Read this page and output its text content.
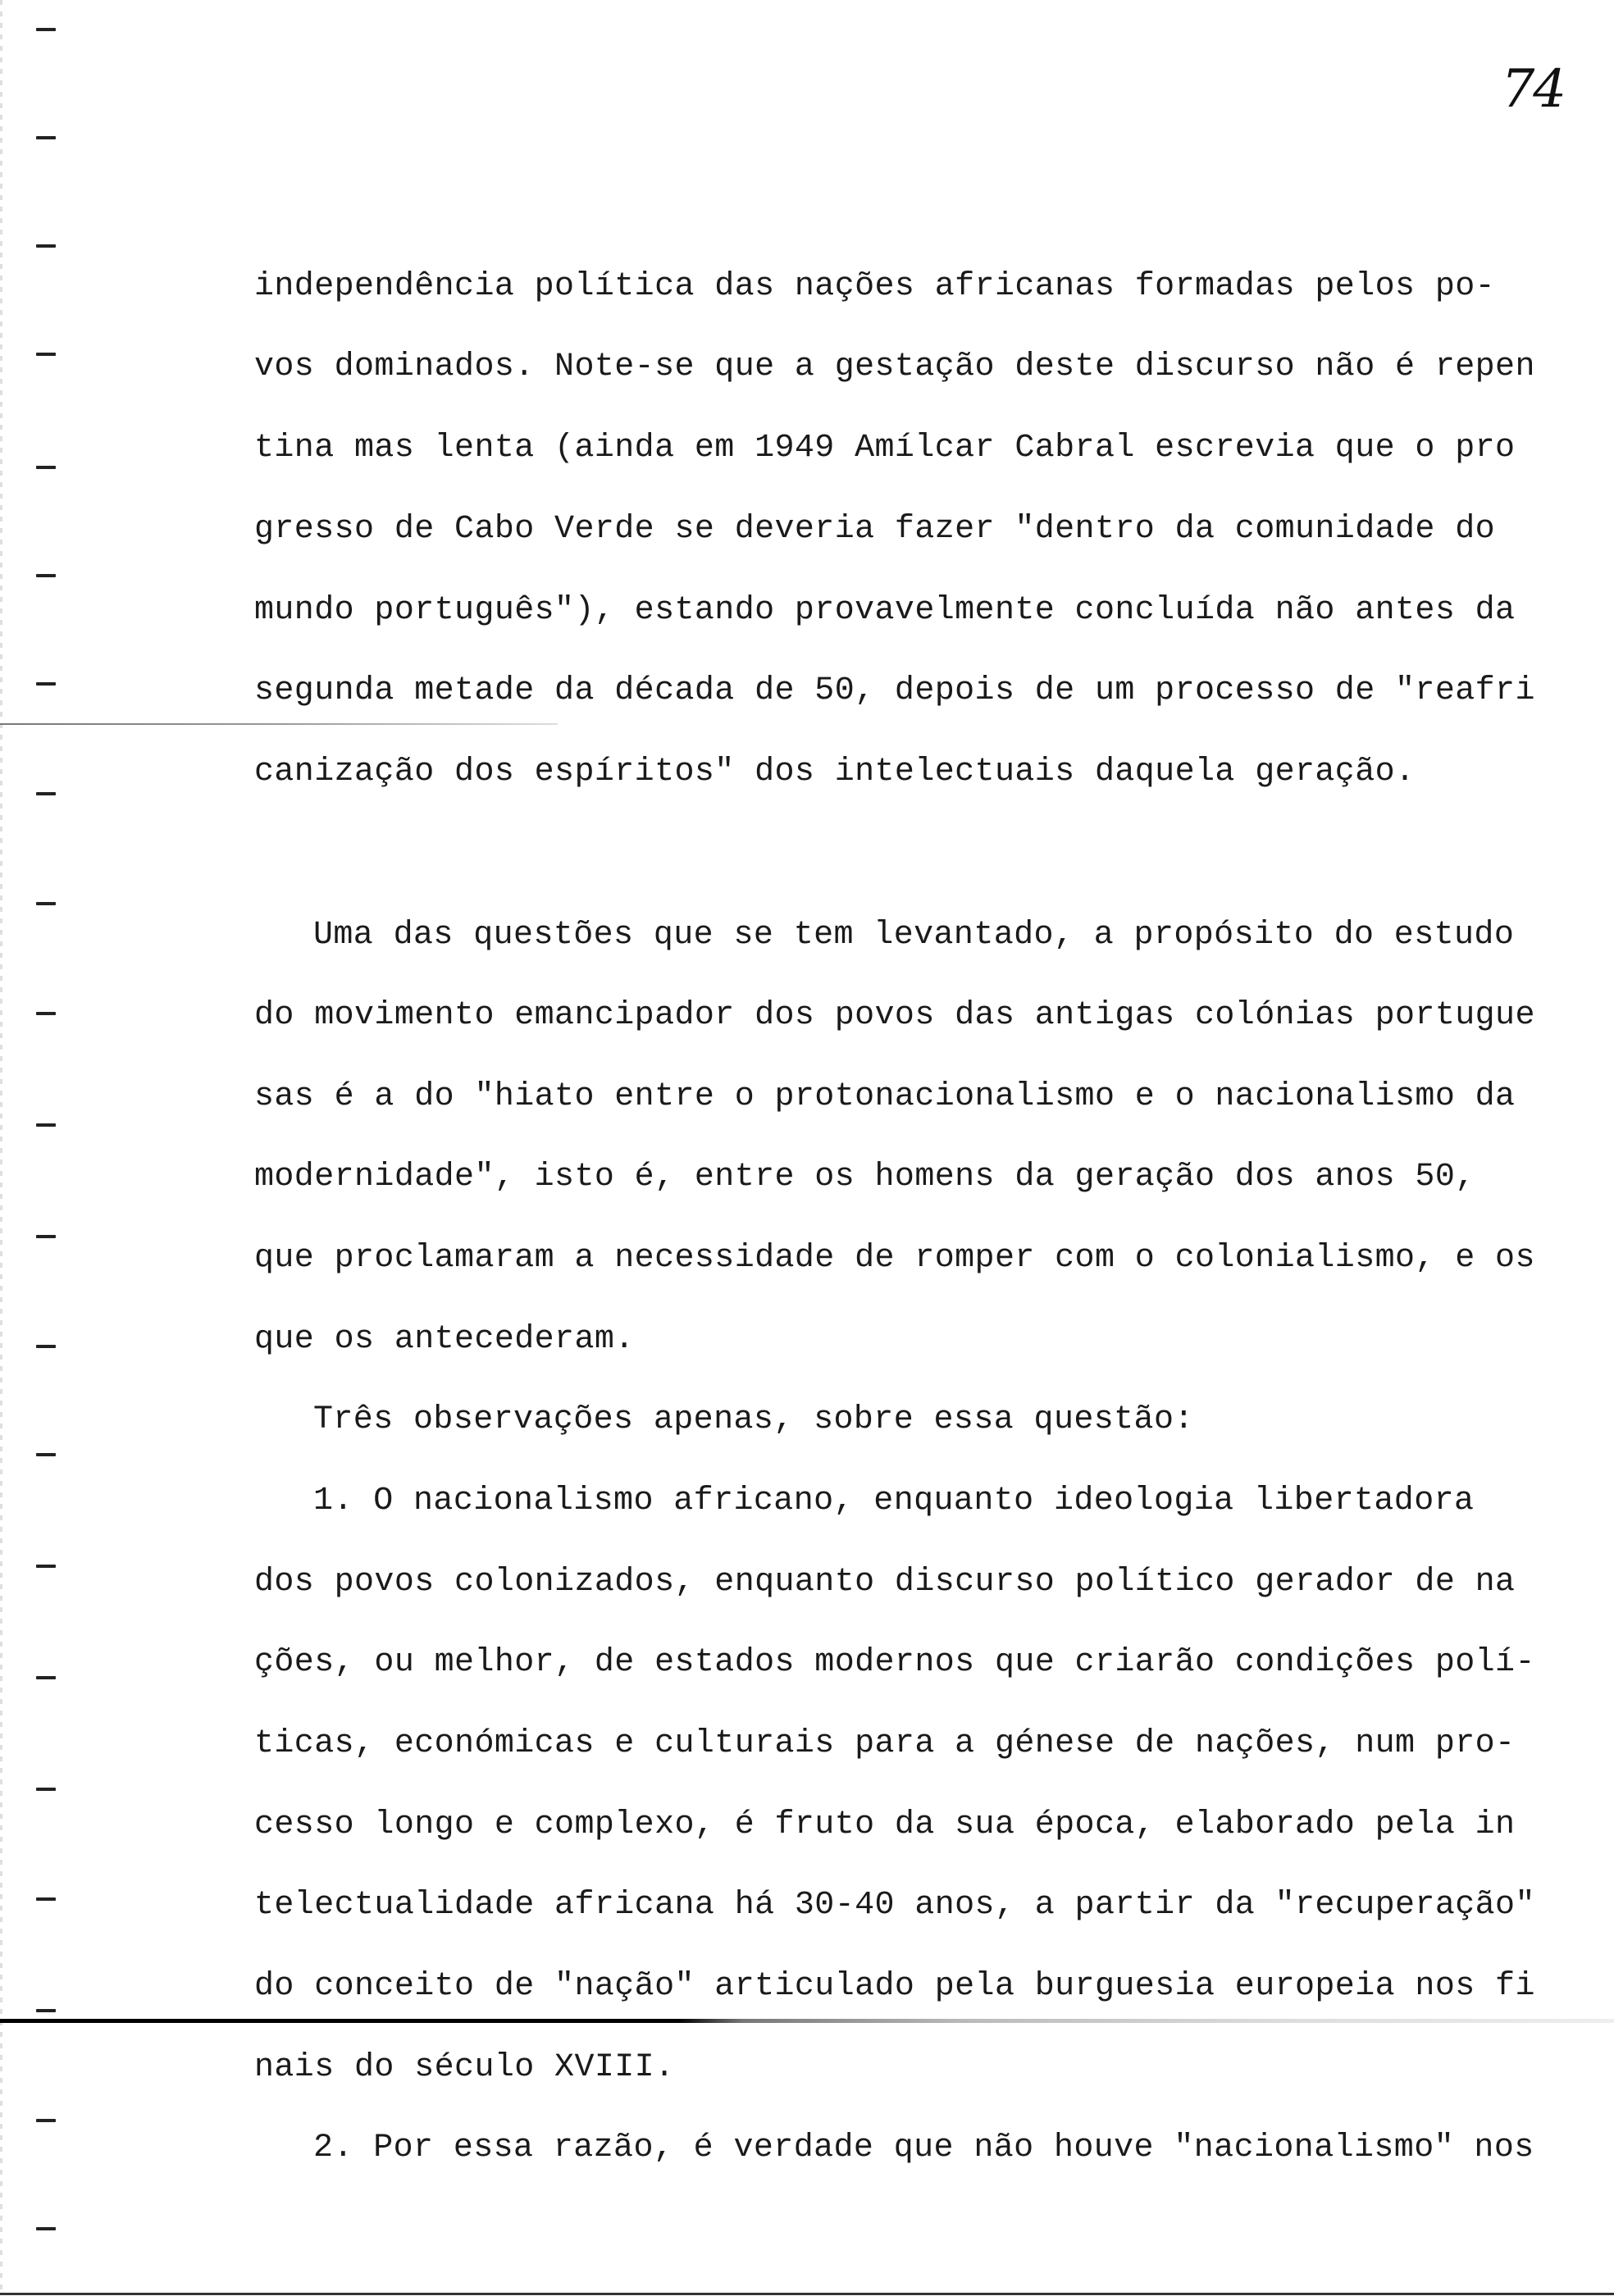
74
independência política das nações africanas formadas pelos po-
vos dominados. Note-se que a gestação deste discurso não é repen
tina mas lenta (ainda em 1949 Amílcar Cabral escrevia que o pro
gresso de Cabo Verde se deveria fazer "dentro da comunidade do
mundo português"), estando provavelmente concluída não antes da
segunda metade da década de 50, depois de um processo de "reafri
canização dos espíritos" dos intelectuais daquela geração.
Uma das questões que se tem levantado, a propósito do estudo
do movimento emancipador dos povos das antigas colónias portugue
sas é a do "hiato entre o protonacionalismo e o nacionalismo da
modernidade", isto é, entre os homens da geração dos anos 50,
que proclamaram a necessidade de romper com o colonialismo, e os
que os antecederam.
Três observações apenas, sobre essa questão:
1. O nacionalismo africano, enquanto ideologia libertadora
dos povos colonizados, enquanto discurso político gerador de na
ções, ou melhor, de estados modernos que criarão condições polí-
ticas, económicas e culturais para a génese de nações, num pro-
cesso longo e complexo, é fruto da sua época, elaborado pela in
telectualidade africana há 30-40 anos, a partir da "recuperação"
do conceito de "nação" articulado pela burguesia europeia nos fi
nais do século XVIII.
2. Por essa razão, é verdade que não houve "nacionalismo" nos
